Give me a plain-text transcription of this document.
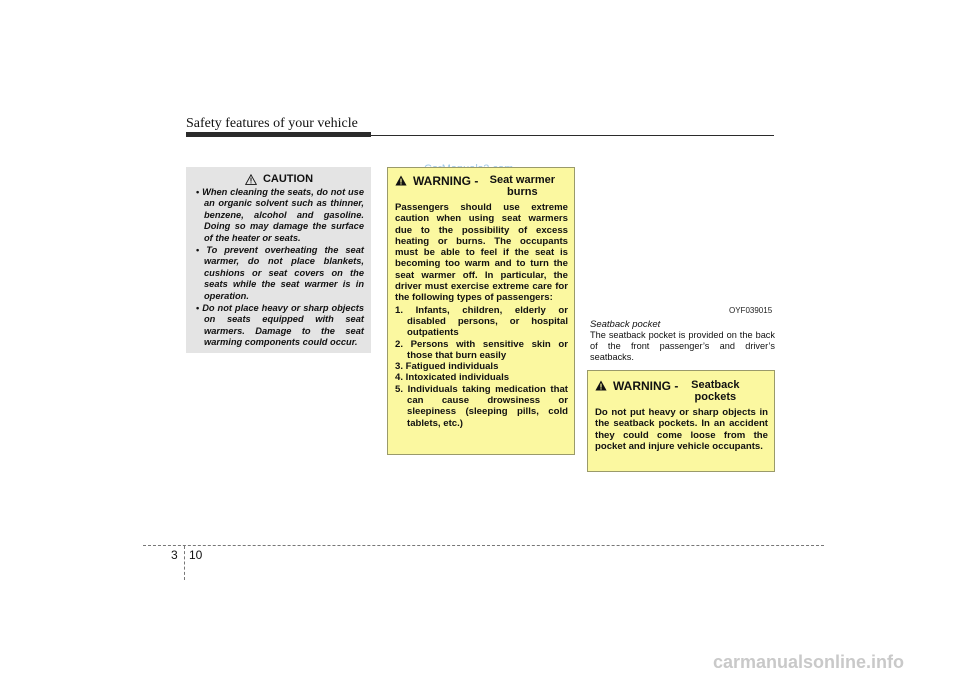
Safety features of your vehicle
CAUTION
• When cleaning the seats, do not use an organic solvent such as thinner, benzene, alcohol and gasoline. Doing so may damage the surface of the heater or seats.
• To prevent overheating the seat warmer, do not place blankets, cushions or seat covers on the seats while the seat warmer is in operation.
• Do not place heavy or sharp objects on seats equipped with seat warmers. Damage to the seat warming components could occur.
WARNING -	Seat warmer burns

Passengers should use extreme caution when using seat warmers due to the possibility of excess heating or burns. The occupants must be able to feel if the seat is becoming too warm and to turn the seat warmer off. In particular, the driver must exercise extreme care for the following types of passengers:

1. Infants, children, elderly or disabled persons, or hospital outpatients
2. Persons with sensitive skin or those that burn easily
3. Fatigued individuals
4. Intoxicated individuals
5. Individuals taking medication that can cause drowsiness or sleepiness (sleeping pills, cold tablets, etc.)
OYF039015
Seatback pocket

The seatback pocket is provided on the back of the front passenger’s and driver’s seatbacks.

WARNING -	Seatback pockets

Do not put heavy or sharp objects in the seatback pockets. In an accident they could come loose from the pocket and injure vehicle occupants.

3 10
carmanualsonline.info
